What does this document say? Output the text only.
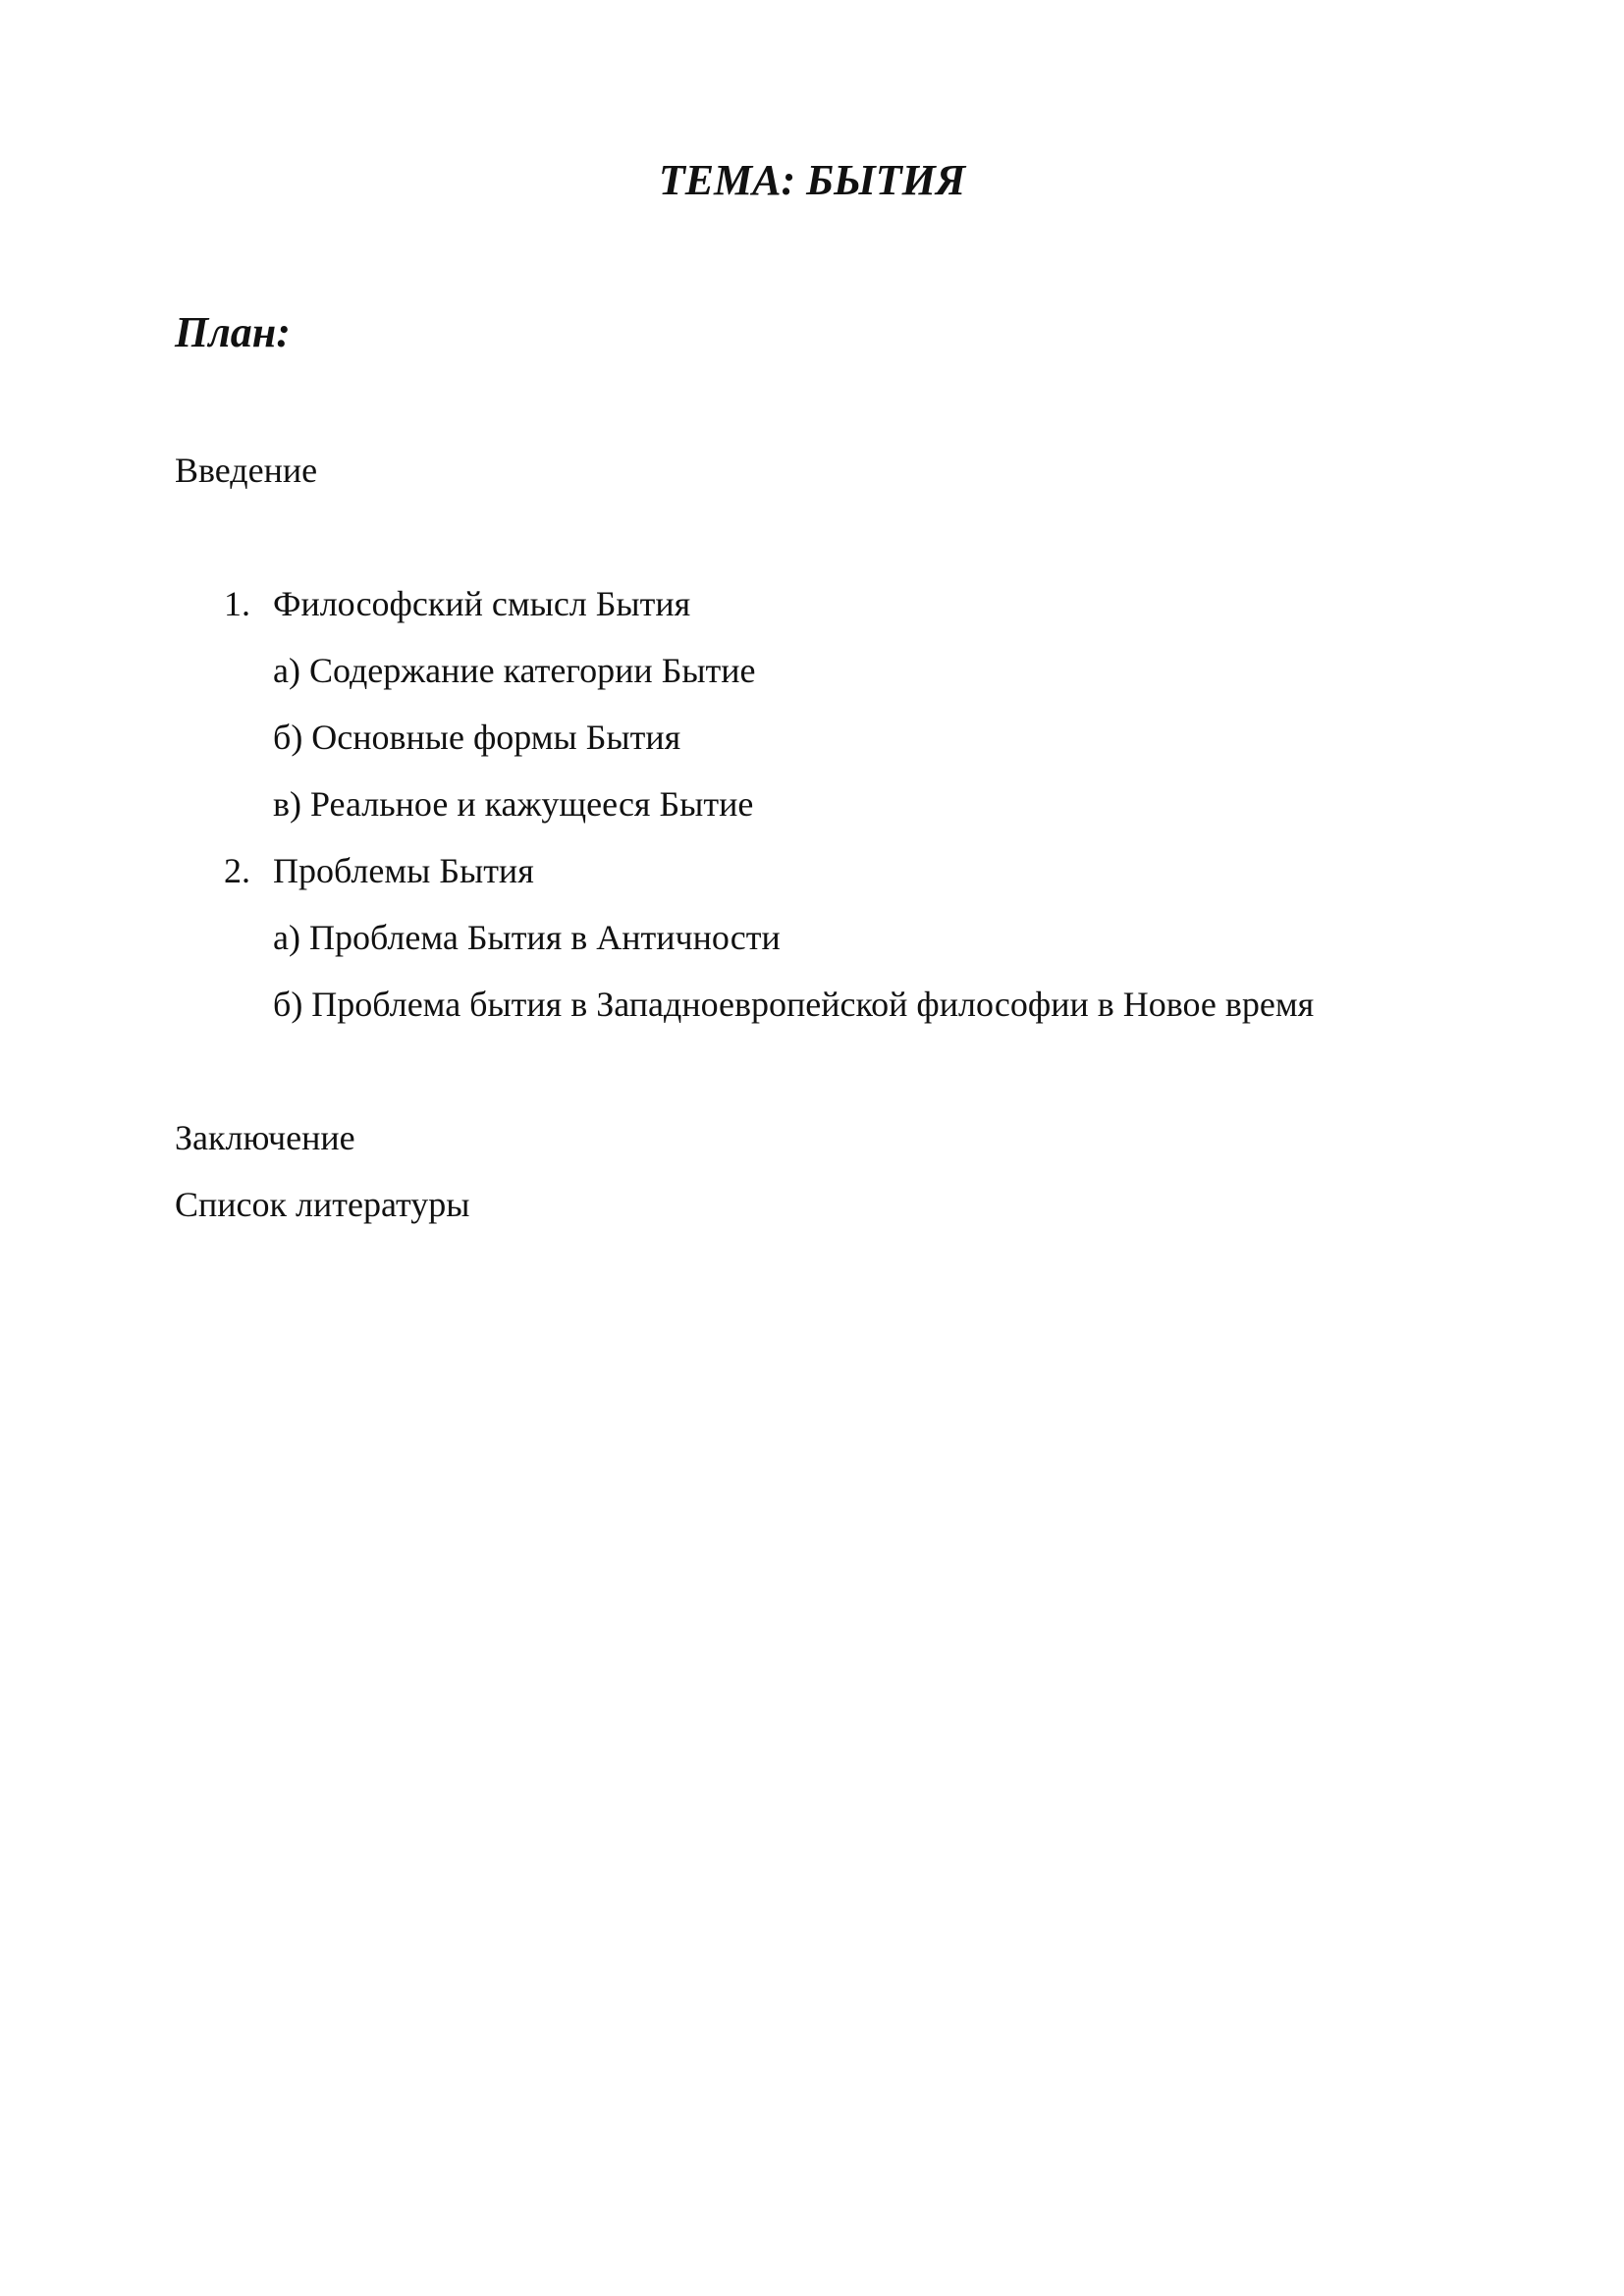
ТЕМА: БЫТИЯ
План:
Введение
1. Философский смысл Бытия
а) Содержание категории Бытие
б) Основные формы Бытия
в) Реальное и кажущееся Бытие
2. Проблемы Бытия
а) Проблема Бытия в Античности
б) Проблема бытия в Западноевропейской философии в Новое время
Заключение
Список литературы
